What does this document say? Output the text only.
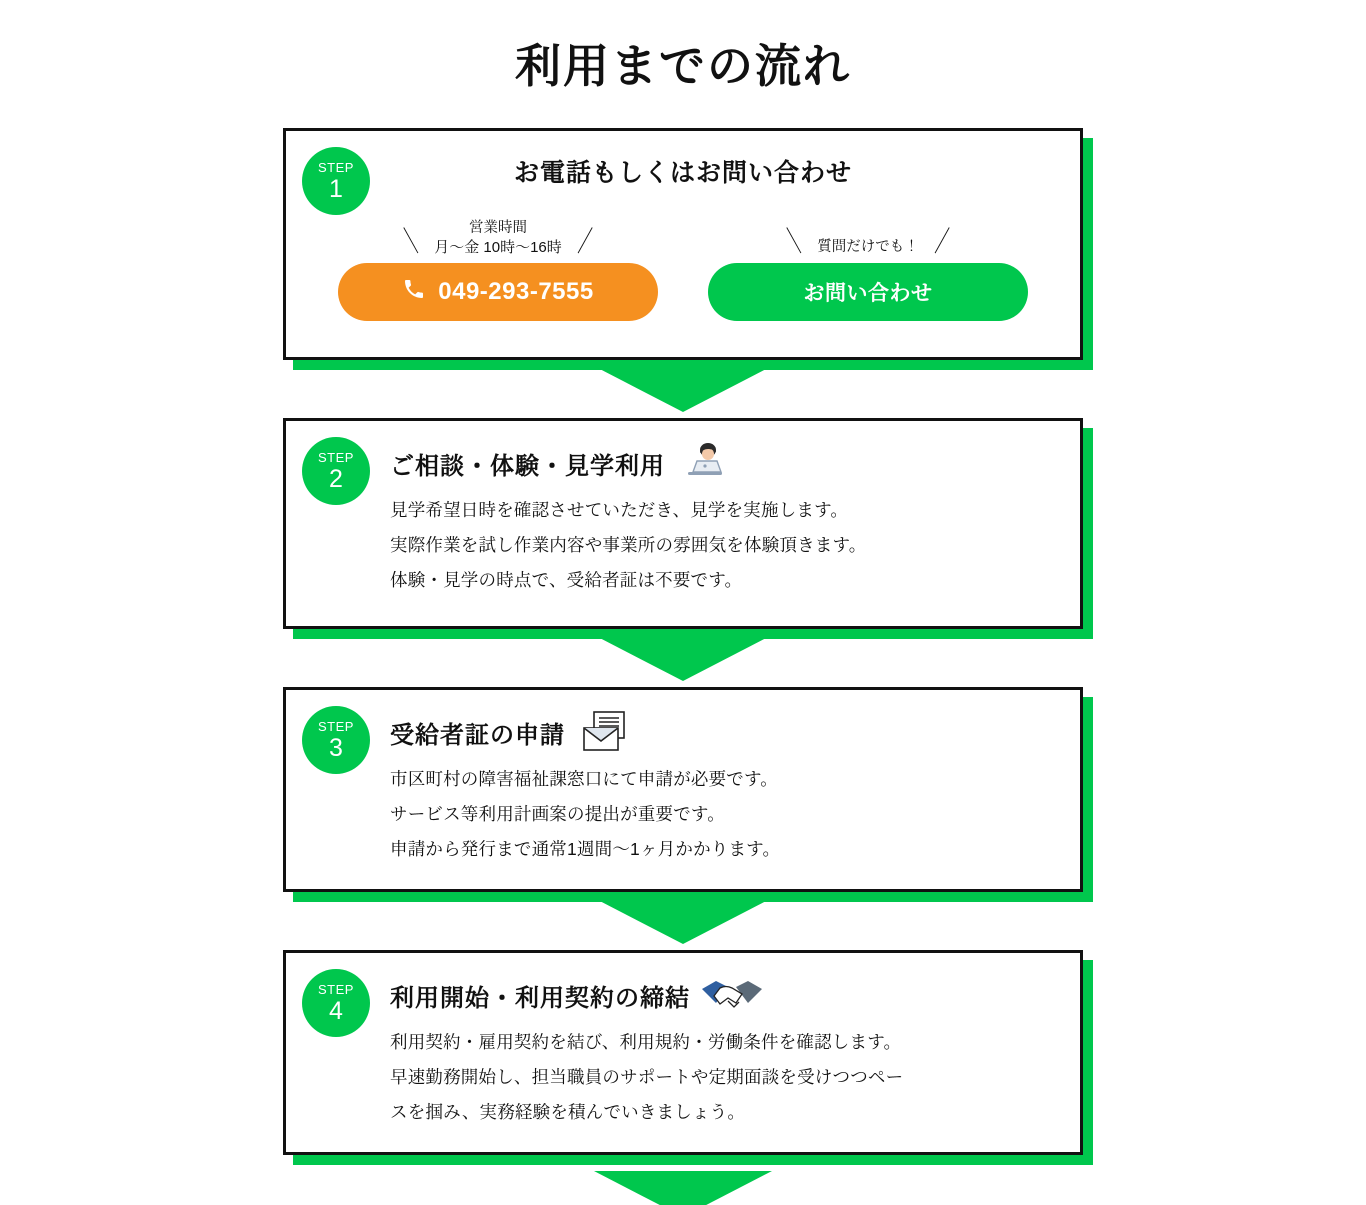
利用までの流れ
STEP
1
お電話もしくはお問い合わせ
＼	営業時間
月〜金 10時〜16時 ／
049-293-7555
＼ 質問だけでも！ ／
お問い合わせ
STEP
2 ご相談・体験・見学利用

見学希望日時を確認させていただき、見学を実施します。

実際作業を試し作業内容や事業所の雰囲気を体験頂きます。

体験・見学の時点で、受給者証は不要です。

STEP
3 受給者証の申請

市区町村の障害福祉課窓口にて申請が必要です。

サービス等利用計画案の提出が重要です。

申請から発行まで通常1週間〜1ヶ月かかります。

STEP
4 利用開始・利用契約の締結

利用契約・雇用契約を結び、利用規約・労働条件を確認します。

早速勤務開始し、担当職員のサポートや定期面談を受けつつペー

スを掴み、実務経験を積んでいきましょう。
